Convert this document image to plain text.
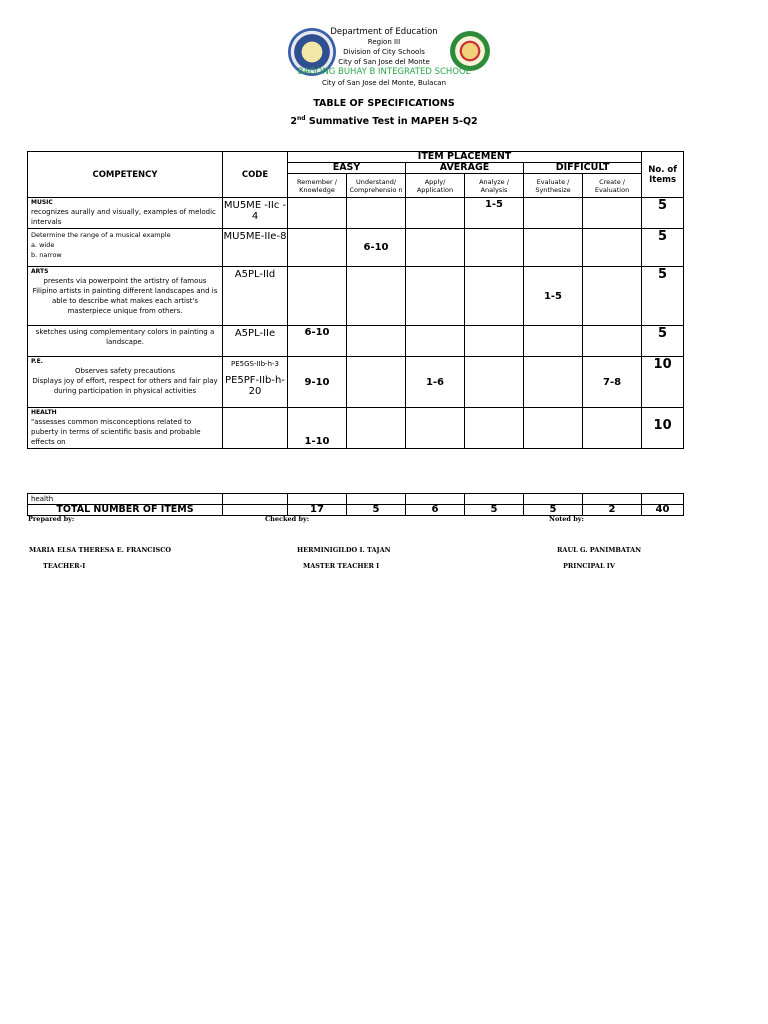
Department of Education
Region III
Division of City Schools
City of San Jose del Monte
BAGONG BUHAY B INTEGRATED SCHOOL
City of San Jose del Monte, Bulacan
TABLE OF SPECIFICATIONS
2nd Summative Test in MAPEH 5-Q2
COMPETENCY	CODE	ITEM PLACEMENT						No. of Items
		EASY		AVERAGE		DIFFICULT		
		Remember / Knowledge	Understand/ Comprehensio n	Apply/ Application	Analyze / Analysis	Evaluate / Synthesize	Create / Evaluation	

MUSIC
recognizes aurally and visually, examples of melodic intervals	MU5ME -IIc - 4				1-5			5

Determine the range of a musical example
a. wide
b. narrow	MU5ME-IIe-8		6-10					5

ARTS
presents via powerpoint the artistry of famous Filipino artists in painting different landscapes and is able to describe what makes each artist's masterpiece unique from others.	A5PL-IId					1-5		5

sketches using complementary colors in painting a landscape.	A5PL-IIe	6-10						5

P.E.
Observes safety precautions
Displays joy of effort, respect for others and fair play during participation in physical activities	PE5GS-IIb-h-3
PE5PF-IIb-h-20	9-10		1-6			7-8	10

HEALTH
"assesses common misconceptions related to puberty in terms of scientific basis and probable effects on		1-10						10
health								
TOTAL NUMBER OF ITEMS		17	5	6	5	5	2	40
Prepared by:	Checked by:	Noted by:
MARIA ELSA THERESA E. FRANCISCO	HERMINIGILDO I. TAJAN	RAUL G. PANIMBATAN
TEACHER-I	MASTER TEACHER I	PRINCIPAL IV
